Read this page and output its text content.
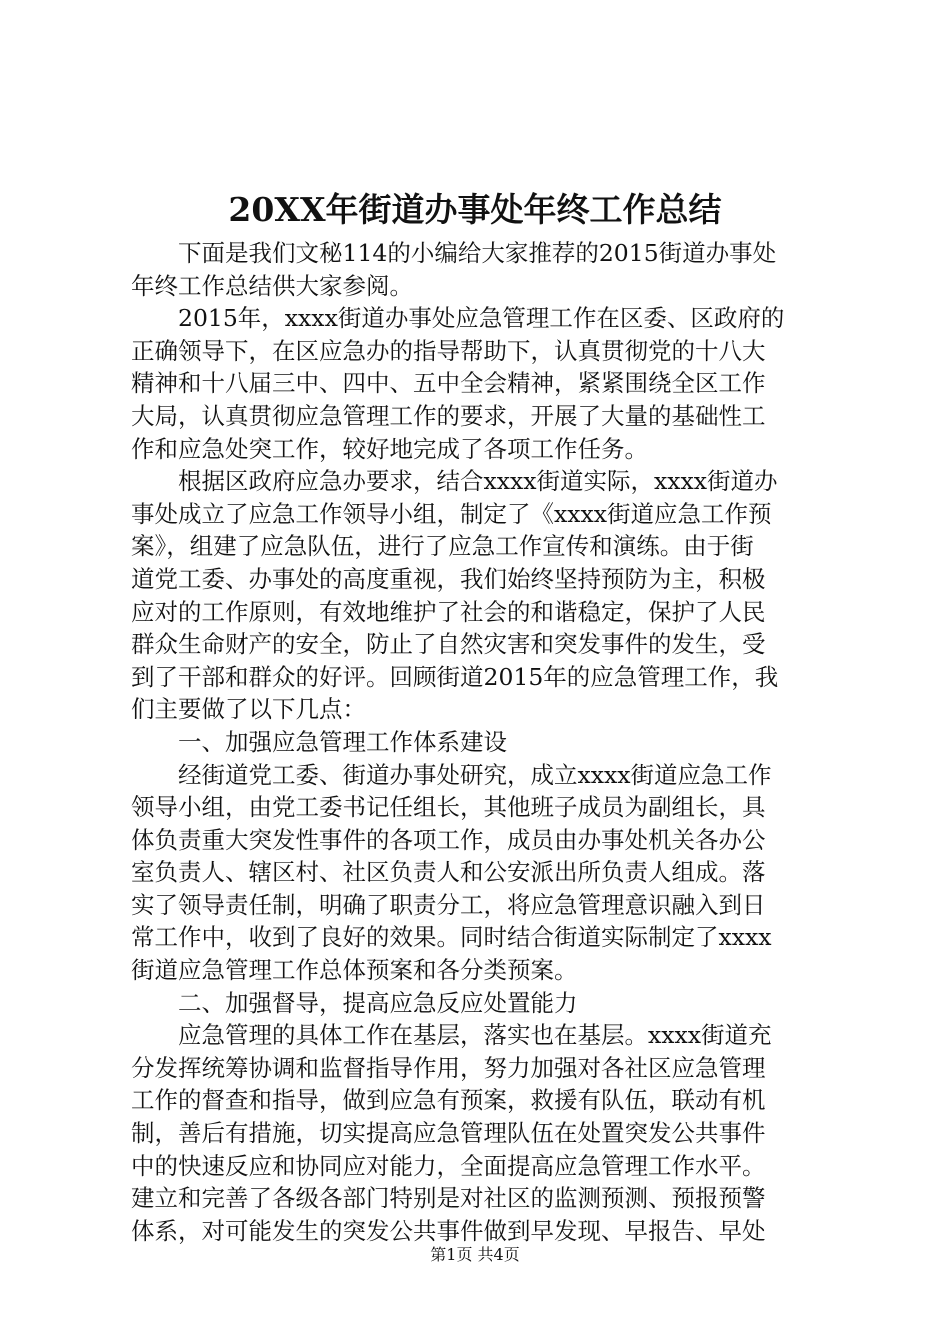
20XX年街道办事处年终工作总结
下面是我们文秘114的小编给大家推荐的2015街道办事处
年终工作总结供大家参阅。
2015年，xxxx街道办事处应急管理工作在区委、区政府的
正确领导下，在区应急办的指导帮助下，认真贯彻党的十八大
精神和十八届三中、四中、五中全会精神，紧紧围绕全区工作
大局，认真贯彻应急管理工作的要求，开展了大量的基础性工
作和应急处突工作，较好地完成了各项工作任务。
根据区政府应急办要求，结合xxxx街道实际，xxxx街道办
事处成立了应急工作领导小组，制定了《xxxx街道应急工作预
案》，组建了应急队伍，进行了应急工作宣传和演练。由于街
道党工委、办事处的高度重视，我们始终坚持预防为主，积极
应对的工作原则，有效地维护了社会的和谐稳定，保护了人民
群众生命财产的安全，防止了自然灾害和突发事件的发生，受
到了干部和群众的好评。回顾街道2015年的应急管理工作，我
们主要做了以下几点：
一、加强应急管理工作体系建设
经街道党工委、街道办事处研究，成立xxxx街道应急工作
领导小组，由党工委书记任组长，其他班子成员为副组长，具
体负责重大突发性事件的各项工作，成员由办事处机关各办公
室负责人、辖区村、社区负责人和公安派出所负责人组成。落
实了领导责任制，明确了职责分工，将应急管理意识融入到日
常工作中，收到了良好的效果。同时结合街道实际制定了xxxx
街道应急管理工作总体预案和各分类预案。
二、加强督导，提高应急反应处置能力
应急管理的具体工作在基层，落实也在基层。xxxx街道充
分发挥统筹协调和监督指导作用，努力加强对各社区应急管理
工作的督查和指导，做到应急有预案，救援有队伍，联动有机
制，善后有措施，切实提高应急管理队伍在处置突发公共事件
中的快速反应和协同应对能力，全面提高应急管理工作水平。
建立和完善了各级各部门特别是对社区的监测预测、预报预警
体系，对可能发生的突发公共事件做到早发现、早报告、早处
第1页 共4页
